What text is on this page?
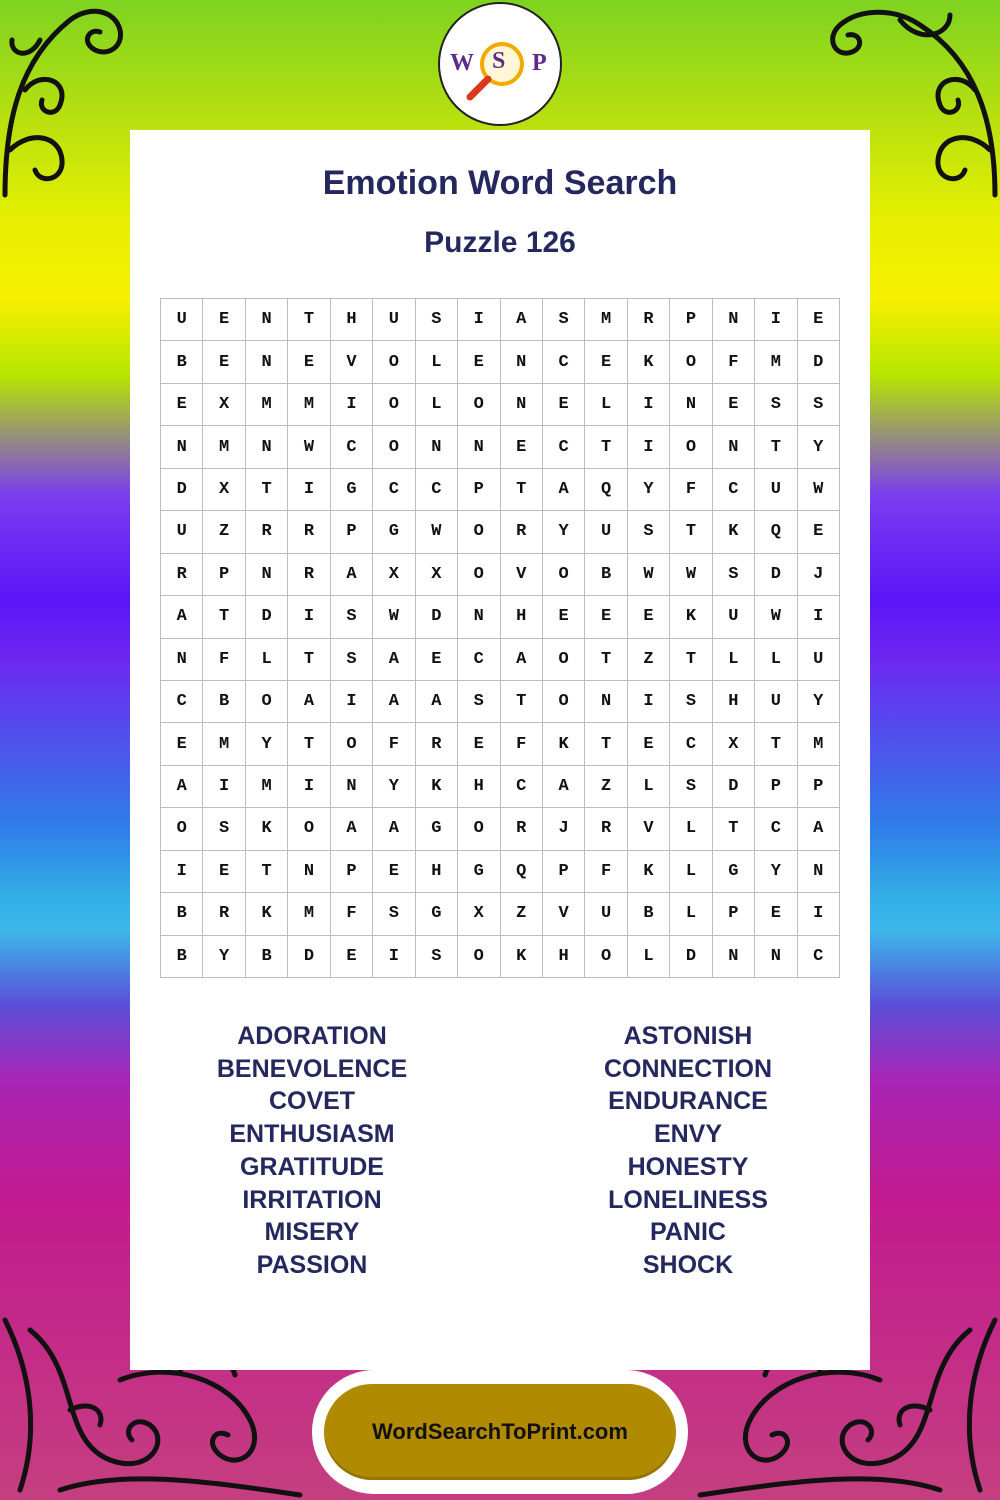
W S P
Emotion Word Search
Puzzle 126
U	E	N	T	H	U	S	I	A	S	M	R	P	N	I	E
B	E	N	E	V	O	L	E	N	C	E	K	O	F	M	D
E	X	M	M	I	O	L	O	N	E	L	I	N	E	S	S
N	M	N	W	C	O	N	N	E	C	T	I	O	N	T	Y
D	X	T	I	G	C	C	P	T	A	Q	Y	F	C	U	W
U	Z	R	R	P	G	W	O	R	Y	U	S	T	K	Q	E
R	P	N	R	A	X	X	O	V	O	B	W	W	S	D	J
A	T	D	I	S	W	D	N	H	E	E	E	K	U	W	I
N	F	L	T	S	A	E	C	A	O	T	Z	T	L	L	U
C	B	O	A	I	A	A	S	T	O	N	I	S	H	U	Y
E	M	Y	T	O	F	R	E	F	K	T	E	C	X	T	M
A	I	M	I	N	Y	K	H	C	A	Z	L	S	D	P	P
O	S	K	O	A	A	G	O	R	J	R	V	L	T	C	A
I	E	T	N	P	E	H	G	Q	P	F	K	L	G	Y	N
B	R	K	M	F	S	G	X	Z	V	U	B	L	P	E	I
B	Y	B	D	E	I	S	O	K	H	O	L	D	N	N	C
ADORATION
BENEVOLENCE
COVET
ENTHUSIASM
GRATITUDE
IRRITATION
MISERY
PASSION
ASTONISH
CONNECTION
ENDURANCE
ENVY
HONESTY
LONELINESS
PANIC
SHOCK
WordSearchToPrint.com
